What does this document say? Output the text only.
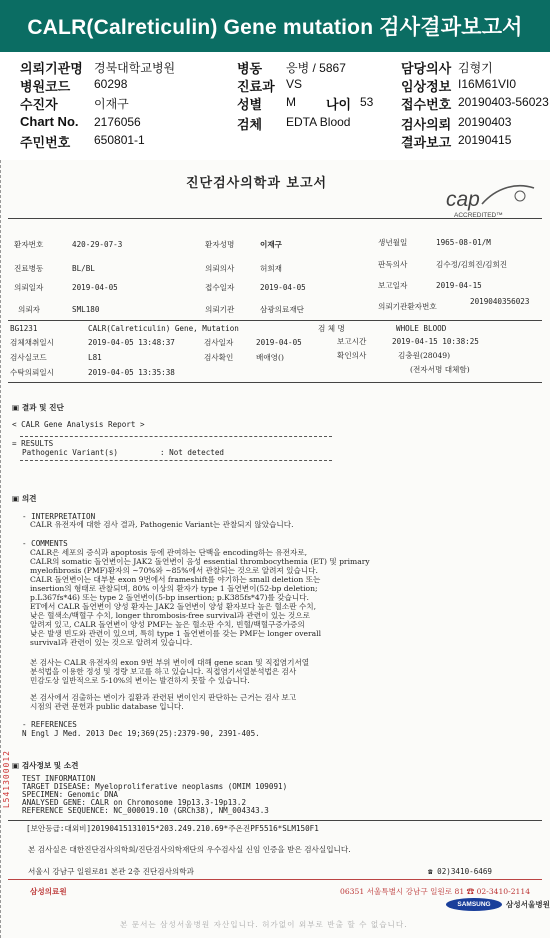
CALR(Calreticulin) Gene mutation 검사결과보고서
의뢰기관명 경북대학교병원
병원코드 60298
수진자	이재구
Chart No. 2176056
주민번호 650801-1
병동 응병 / 5867
진료과 VS
성별 M 나이 53
검체 EDTA Blood
담당의사 김형기
임상정보 I16M61VI0
접수번호 20190403-56023
검사의뢰 20190403
결과보고 20190415
L541300012
진단검사의학과 보고서
cap
ACCREDITED™
환자번호	420-29-07-3	환자성명	이재구	생년월일	1965-08-01/M
진료병동	BL/BL	의뢰의사	허희재	판독의사	김수정/김희진/김희진
의뢰일자	2019-04-05	접수일자	2019-04-05	보고일자	2019-04-15
의뢰자	SML180	의뢰기관	삼광의료재단	의뢰기관환자번호
2019040356023
BG1231	CALR(Calreticulin) Gene, Mutation	검 체 명	WHOLE BLOOD
검체채취일시	2019-04-05 13:48:37	검사일자	2019-04-05	보고시간	2019-04-15 10:38:25
검사실코드	L81	검사확인	배애영()	확인의사	김충원(28049)
수탁의뢰일시	2019-04-05 13:35:38	(전자서명 대체함)
▣ 결과 및 진단
< CALR Gene Analysis Report >
= RESULTS
Pathogenic Variant(s)	: Not detected
▣ 의견
- INTERPRETATION
CALR 유전자에 대한 검사 결과, Pathogenic Variant는 관찰되지 않았습니다.
- COMMENTS
CALR은 세포의 증식과 apoptosis 등에 관여하는 단백을 encoding하는 유전자로,
CALR의 somatic 돌연변이는 JAK2 돌연변이 음성 essential thrombocythemia (ET) 및 primary
myelofibrosis (PMF)환자의 ~70%와 ~85%에서 관찰되는 것으로 알려져 있습니다.
CALR 돌연변이는 대부분 exon 9번에서 frameshift를 야기하는 small deletion 또는
insertion의 형태로 관찰되며, 80% 이상의 환자가 type 1 돌연변이(52-bp deletion;
p.L367fs*46) 또는 type 2 돌연변이(5-bp insertion; p.K385fs*47)를 갖습니다.
ET에서 CALR 돌연변이 양성 환자는 JAK2 돌연변이 양성 환자보다 높은 혈소판 수치,
낮은 혈색소/백혈구 수치, longer thrombosis-free survival과 관련이 있는 것으로
알려져 있고, CALR 돌연변이 양성 PMF는 높은 혈소판 수치, 빈혈/백혈구증가증의
낮은 발생 빈도와 관련이 있으며, 특히 type 1 돌연변이를 갖는 PMF는 longer overall
survival과 관련이 있는 것으로 알려져 있습니다.
본 검사는 CALR 유전자의 exon 9번 부위 변이에 대해 gene scan 및 직접염기서열
분석법을 이용한 정성 및 정량 보고를 하고 있습니다. 직접염기서열분석법은 검사
민감도상 일반적으로 5-10%의 변이는 발견하지 못할 수 있습니다.
본 검사에서 검출하는 변이가 질환과 관련된 변이인지 판단하는 근거는 검사 보고
시점의 관련 문헌과 public database 입니다.
- REFERENCES
N Engl J Med. 2013 Dec 19;369(25):2379-90, 2391-405.
▣ 검사정보 및 소견
TEST INFORMATION
TARGET DISEASE: Myeloproliferative neoplasms (OMIM 109091)
SPECIMEN: Genomic DNA
ANALYSED GENE: CALR on Chromosome 19p13.3-19p13.2
REFERENCE SEQUENCE: NC_000019.10 (GRCh38), NM_004343.3
[보안등급:대외비]20190415131015*203.249.210.69*주온진PF5516*SLM150F1
본 검사실은 대한진단검사의학회/진단검사의학재단의 우수검사실 신임 인증을 받은 검사실입니다.
서울시 강남구 일원로81 본관 2층 진단검사의학과	☎ 02)3410-6469
삼성의료원	06351 서울특별시 강남구 일원로 81 ☎ 02-3410-2114
SAMSUNG	삼성서울병원
본 문서는 삼성서울병원 자산입니다. 허가없이 외부로 반출 할 수 없습니다.
